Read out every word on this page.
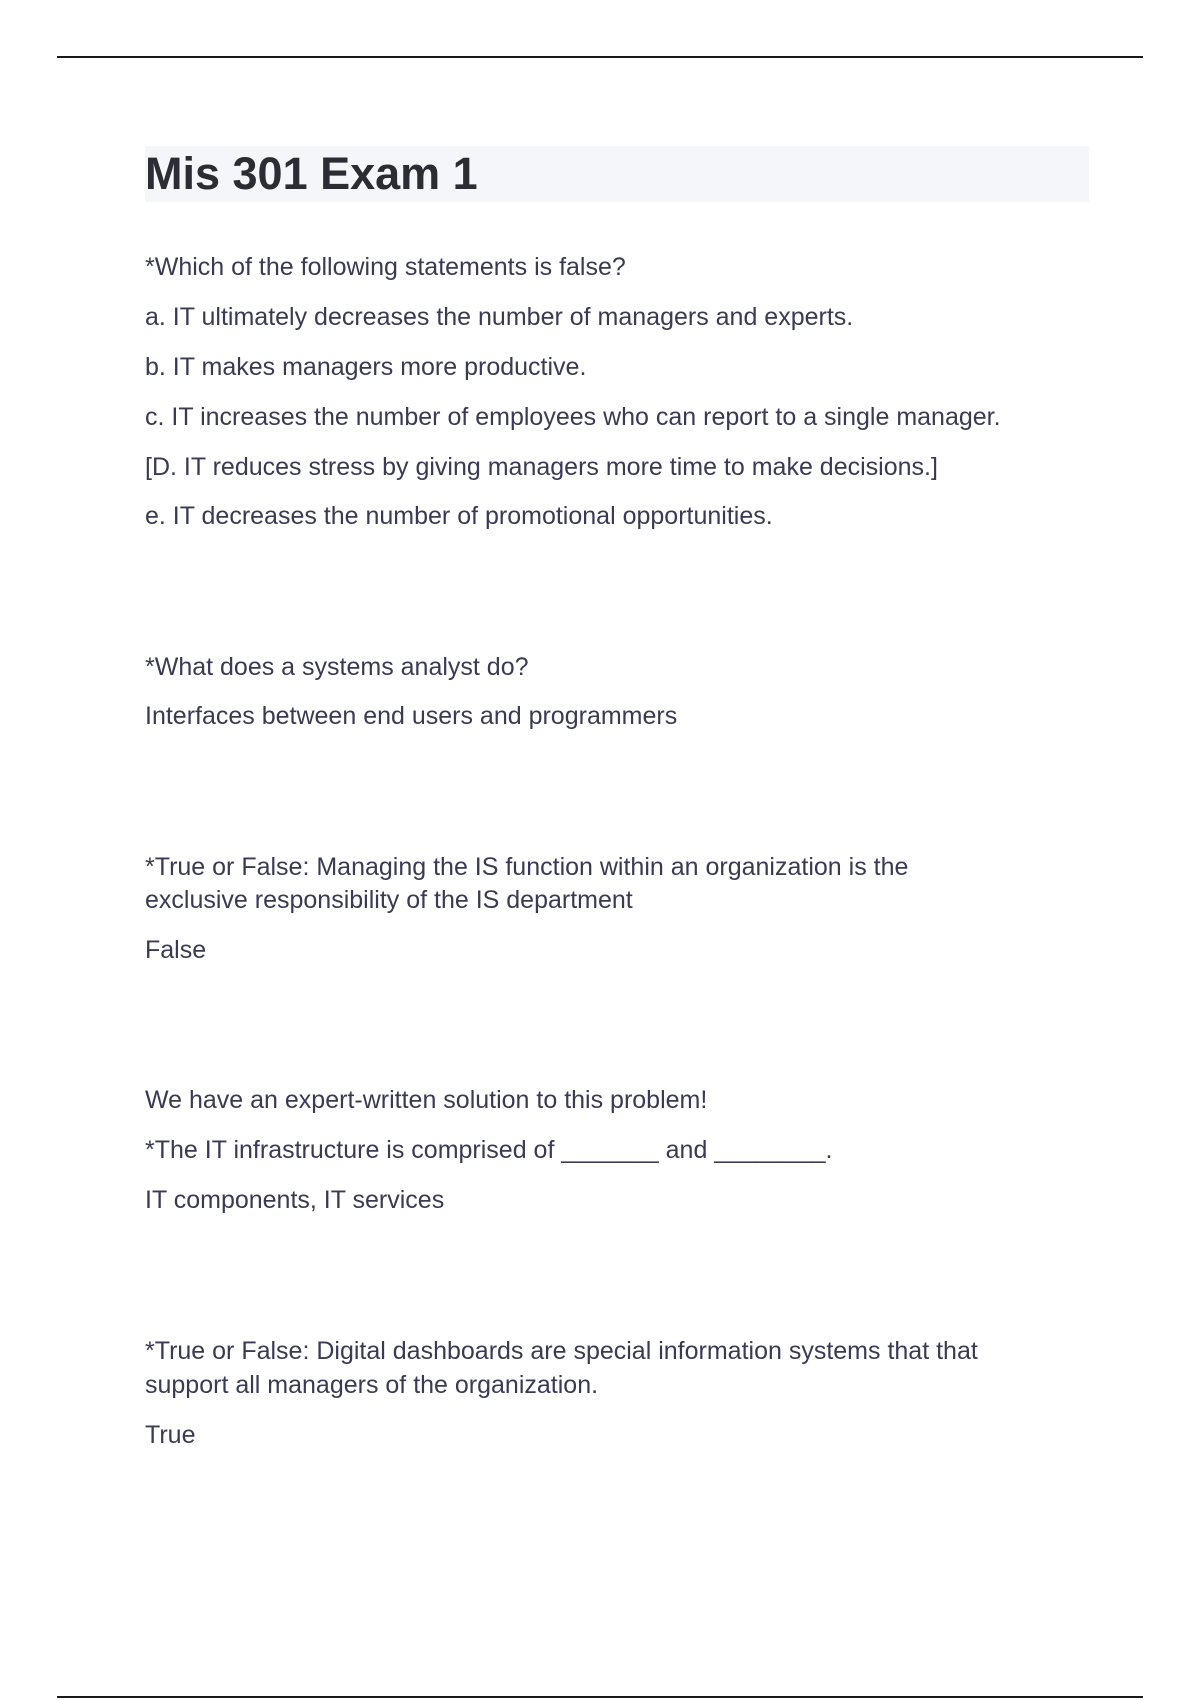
Mis 301 Exam 1
*Which of the following statements is false?
a. IT ultimately decreases the number of managers and experts.
b. IT makes managers more productive.
c. IT increases the number of employees who can report to a single manager.
[D. IT reduces stress by giving managers more time to make decisions.]
e. IT decreases the number of promotional opportunities.
*What does a systems analyst do?
Interfaces between end users and programmers
*True or False: Managing the IS function within an organization is the
exclusive responsibility of the IS department
False
We have an expert-written solution to this problem!
*The IT infrastructure is comprised of _______ and ________.
IT components, IT services
*True or False: Digital dashboards are special information systems that that
support all managers of the organization.
True
